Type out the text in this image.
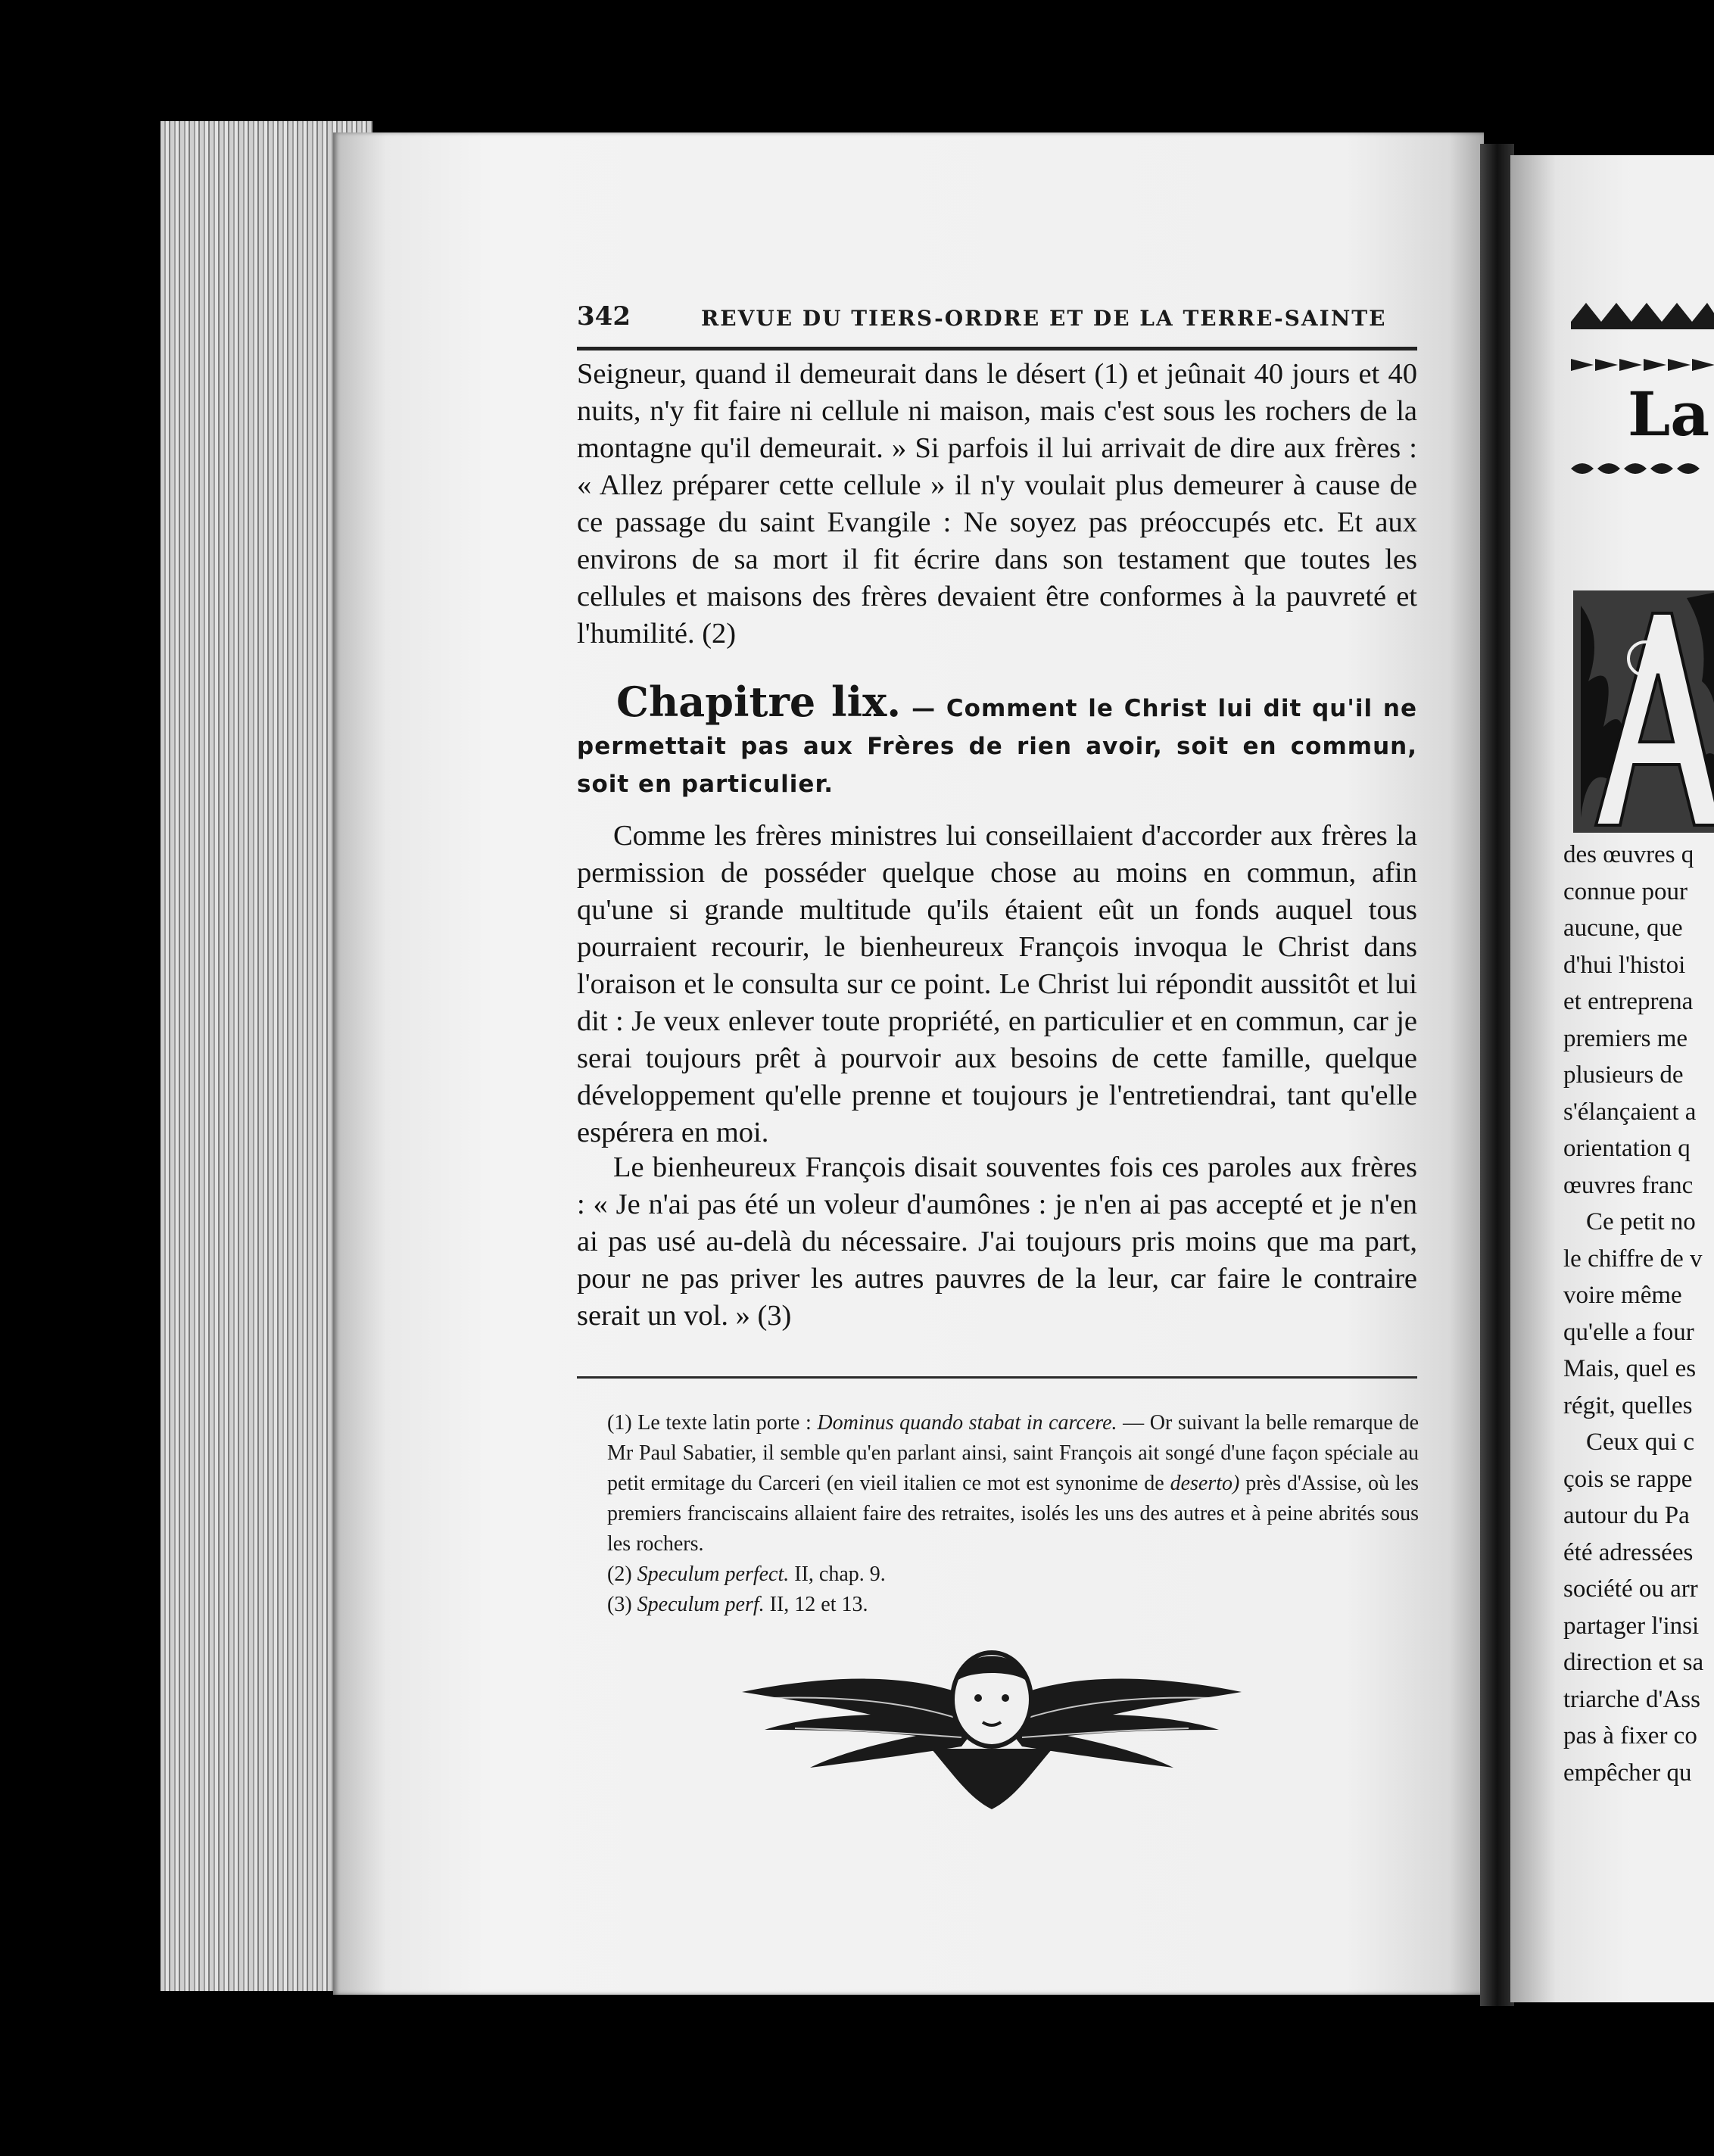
342	REVUE DU TIERS-ORDRE ET DE LA TERRE-SAINTE
Seigneur, quand il demeurait dans le désert (1) et jeûnait 40 jours et 40 nuits, n'y fit faire ni cellule ni maison, mais c'est sous les rochers de la montagne qu'il demeurait. » Si parfois il lui arrivait de dire aux frères : « Allez préparer cette cellule » il n'y voulait plus demeurer à cause de ce passage du saint Evangile : Ne soyez pas préoccupés etc. Et aux environs de sa mort il fit écrire dans son testament que toutes les cellules et maisons des frères devaient être conformes à la pauvreté et l'humilité. (2)
Chapitre lix. — Comment le Christ lui dit qu'il ne permettait pas aux Frères de rien avoir, soit en commun, soit en particulier.
Comme les frères ministres lui conseillaient d'accorder aux frères la permission de posséder quelque chose au moins en commun, afin qu'une si grande multitude qu'ils étaient eût un fonds auquel tous pourraient recourir, le bienheureux François invoqua le Christ dans l'oraison et le consulta sur ce point. Le Christ lui répondit aussitôt et lui dit : Je veux enlever toute propriété, en particulier et en commun, car je serai toujours prêt à pourvoir aux besoins de cette famille, quelque développement qu'elle prenne et toujours je l'entretiendrai, tant qu'elle espérera en moi.
Le bienheureux François disait souventes fois ces paroles aux frères : « Je n'ai pas été un voleur d'aumônes : je n'en ai pas accepté et je n'en ai pas usé au-delà du nécessaire. J'ai toujours pris moins que ma part, pour ne pas priver les autres pauvres de la leur, car faire le contraire serait un vol. » (3)
(1) Le texte latin porte : Dominus quando stabat in carcere. — Or suivant la belle remarque de Mr Paul Sabatier, il semble qu'en parlant ainsi, saint François ait songé d'une façon spéciale au petit ermitage du Carceri (en vieil italien ce mot est synonime de deserto) près d'Assise, où les premiers franciscains allaient faire des retraites, isolés les uns des autres et à peine abrités sous les rochers.
(2) Speculum perfect. II, chap. 9.
(3) Speculum perf. II, 12 et 13.
La
des œuvres q
connue pour
aucune, que
d'hui l'histoi
et entreprena
premiers me
plusieurs de
s'élançaient a
orientation q
œuvres franc
Ce petit no
le chiffre de v
voire même
qu'elle a four
Mais, quel es
régit, quelles
Ceux qui c
çois se rappe
autour du Pa
été adressées
société ou arr
partager l'insi
direction et sa
triarche d'Ass
pas à fixer co
empêcher qu
